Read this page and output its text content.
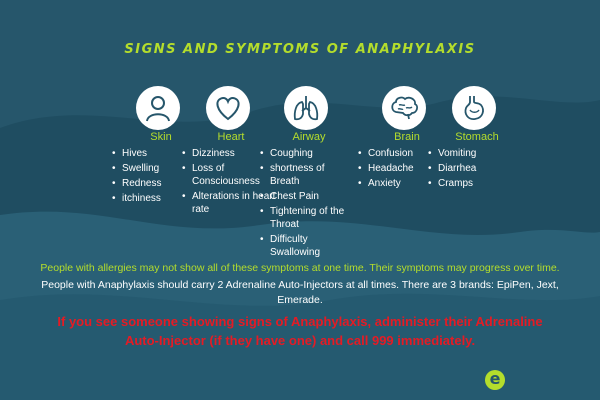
SIGNS AND SYMPTOMS OF ANAPHYLAXIS
Skin
• Hives
• Swelling
• Redness
• itchiness
Heart
• Dizziness
• Loss of Consciousness
• Alterations in heart rate
Airway
• Coughing
• shortness of Breath
• Chest Pain
• Tightening of the Throat
• Difficulty Swallowing
Brain
• Confusion
• Headache
• Anxiety
Stomach
• Vomiting
• Diarrhea
• Cramps
People with allergies may not show all of these symptoms at one time. Their symptoms may progress over time.
People with Anaphylaxis should carry 2 Adrenaline Auto-Injectors at all times. There are 3 brands: EpiPen, Jext,
Emerade.
If you see someone showing signs of Anaphylaxis, administer their Adrenaline
Auto-Injector (if they have one) and call 999 immediately.
e
